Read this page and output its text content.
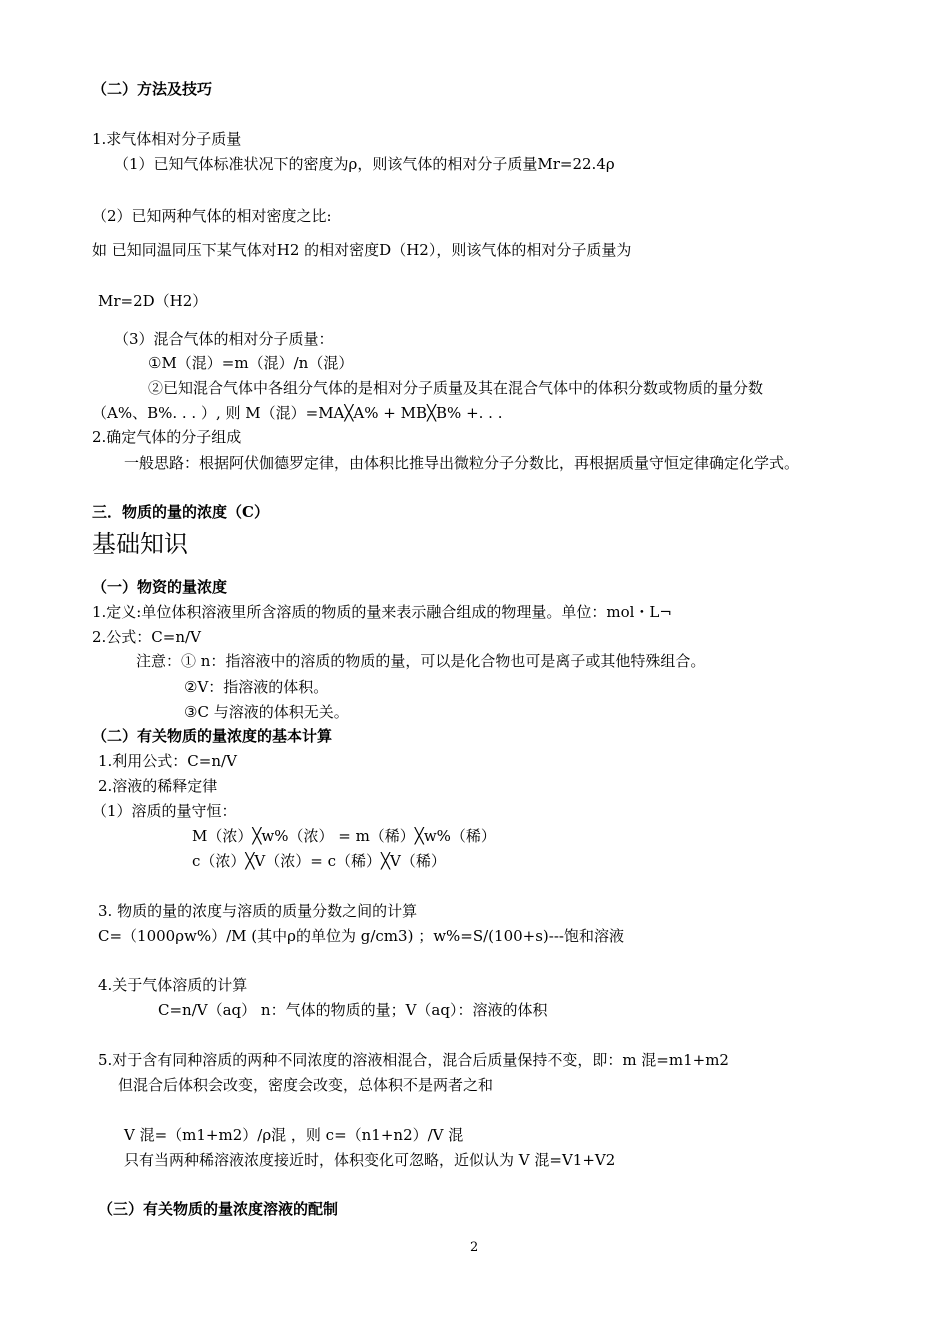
（二）方法及技巧
1.求气体相对分子质量
（1）已知气体标准状况下的密度为ρ，则该气体的相对分子质量Mr=22.4ρ
（2）已知两种气体的相对密度之比:
如 已知同温同压下某气体对H2 的相对密度D（H2），则该气体的相对分子质量为
Mr=2D（H2）
（3）混合气体的相对分子质量：
①M（混）=m（混）/n（混）
②已知混合气体中各组分气体的是相对分子质量及其在混合气体中的体积分数或物质的量分数
（A%、B%. . . ）, 则 M（混）=MA╳A% + MB╳B% +. . .
2.确定气体的分子组成
一般思路：根据阿伏伽德罗定律，由体积比推导出微粒分子分数比，再根据质量守恒定律确定化学式。
三．物质的量的浓度（C）
基础知识
（一）物资的量浓度
1.定义:单位体积溶液里所含溶质的物质的量来表示融合组成的物理量。单位：mol・L¬
2.公式：C=n/V
注意：① n：指溶液中的溶质的物质的量，可以是化合物也可是离子或其他特殊组合。
②V：指溶液的体积。
③C 与溶液的体积无关。
（二）有关物质的量浓度的基本计算
1.利用公式：C=n/V
2.溶液的稀释定律
（1）溶质的量守恒：
M（浓）╳w%（浓） = m（稀）╳w%（稀）
c（浓）╳V（浓）= c（稀）╳V（稀）
3. 物质的量的浓度与溶质的质量分数之间的计算
C=（1000ρw%）/M (其中ρ的单位为 g/cm3) ；w%=S/(100+s)---饱和溶液
4.关于气体溶质的计算
C=n/V（aq） n：气体的物质的量；V（aq）：溶液的体积
5.对于含有同种溶质的两种不同浓度的溶液相混合，混合后质量保持不变，即：m 混=m1+m2
但混合后体积会改变，密度会改变，总体积不是两者之和
V 混=（m1+m2）/ρ混 ，则 c=（n1+n2）/V 混
只有当两种稀溶液浓度接近时，体积变化可忽略，近似认为 V 混=V1+V2
（三）有关物质的量浓度溶液的配制
2
